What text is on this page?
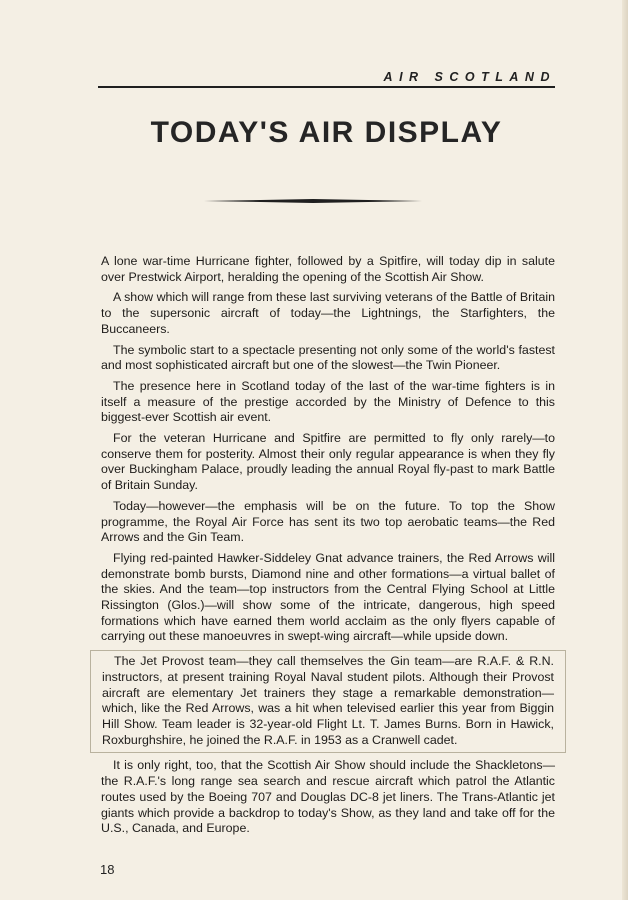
AIR SCOTLAND
TODAY'S AIR DISPLAY

A lone war-time Hurricane fighter, followed by a Spitfire, will today dip in salute over Prestwick Airport, heralding the opening of the Scottish Air Show.

A show which will range from these last surviving veterans of the Battle of Britain to the supersonic aircraft of today—the Lightnings, the Starfighters, the Buccaneers.

The symbolic start to a spectacle presenting not only some of the world's fastest and most sophisticated aircraft but one of the slowest—the Twin Pioneer.

The presence here in Scotland today of the last of the war-time fighters is in itself a measure of the prestige accorded by the Ministry of Defence to this biggest-ever Scottish air event.

For the veteran Hurricane and Spitfire are permitted to fly only rarely—to conserve them for posterity. Almost their only regular appearance is when they fly over Buckingham Palace, proudly leading the annual Royal fly-past to mark Battle of Britain Sunday.

Today—however—the emphasis will be on the future. To top the Show programme, the Royal Air Force has sent its two top aerobatic teams—the Red Arrows and the Gin Team.

Flying red-painted Hawker-Siddeley Gnat advance trainers, the Red Arrows will demonstrate bomb bursts, Diamond nine and other formations—a virtual ballet of the skies. And the team—top instructors from the Central Flying School at Little Rissington (Glos.)—will show some of the intricate, dangerous, high speed formations which have earned them world acclaim as the only flyers capable of carrying out these manoeuvres in swept-wing aircraft—while upside down.

The Jet Provost team—they call themselves the Gin team—are R.A.F. & R.N. instructors, at present training Royal Naval student pilots. Although their Provost aircraft are elementary Jet trainers they stage a remarkable demonstration—which, like the Red Arrows, was a hit when televised earlier this year from Biggin Hill Show. Team leader is 32-year-old Flight Lt. T. James Burns. Born in Hawick, Roxburghshire, he joined the R.A.F. in 1953 as a Cranwell cadet.

It is only right, too, that the Scottish Air Show should include the Shackletons—the R.A.F.'s long range sea search and rescue aircraft which patrol the Atlantic routes used by the Boeing 707 and Douglas DC-8 jet liners. The Trans-Atlantic jet giants which provide a backdrop to today's Show, as they land and take off for the U.S., Canada, and Europe.

18
